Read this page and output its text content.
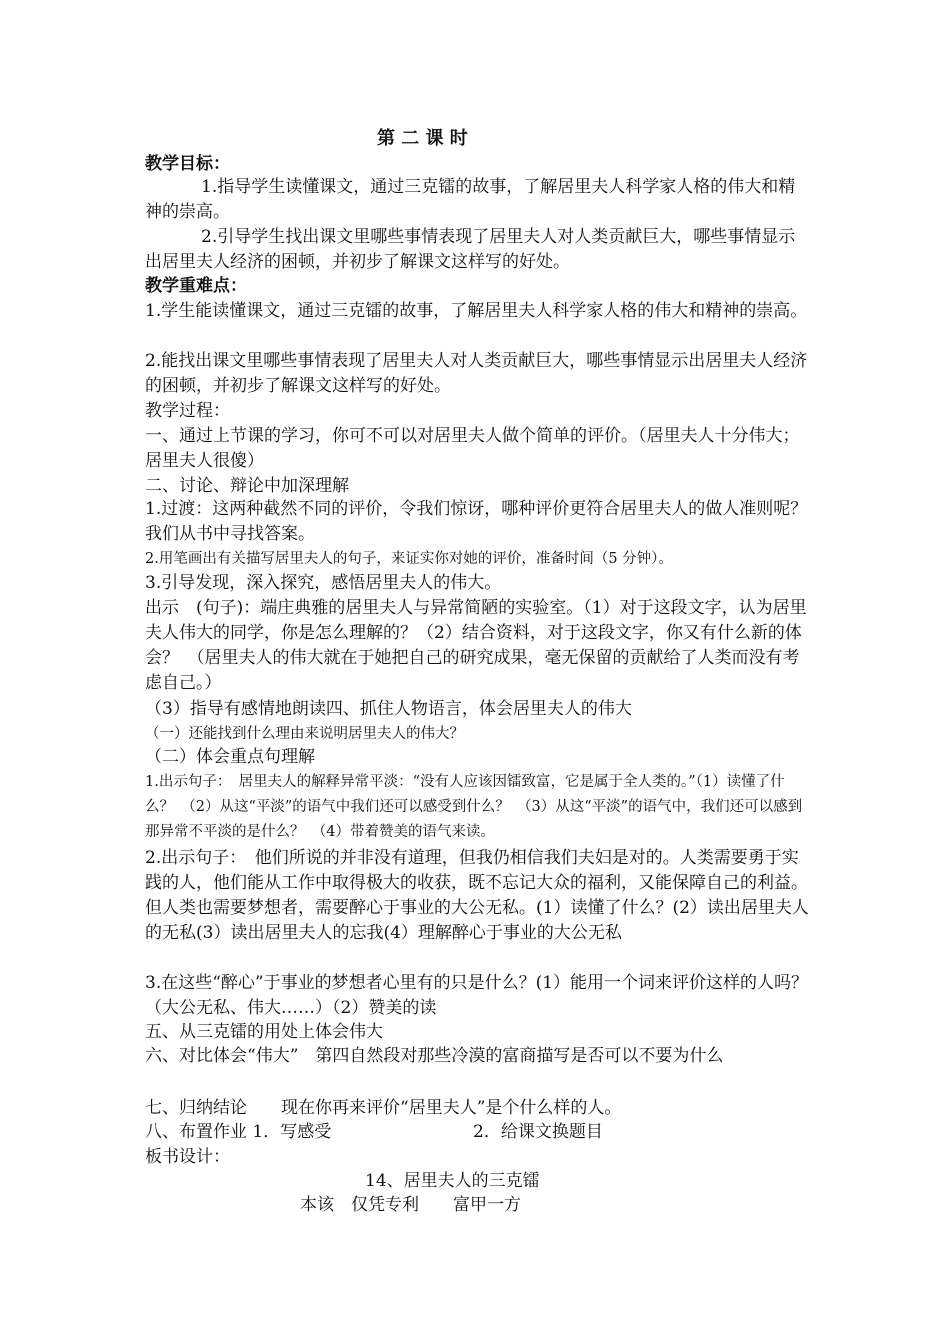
第 二 课 时
教学目标：
1.指导学生读懂课文，通过三克镭的故事，了解居里夫人科学家人格的伟大和精神的崇高。
2.引导学生找出课文里哪些事情表现了居里夫人对人类贡献巨大，哪些事情显示出居里夫人经济的困顿，并初步了解课文这样写的好处。
教学重难点：
1.学生能读懂课文，通过三克镭的故事，了解居里夫人科学家人格的伟大和精神的崇高。
2.能找出课文里哪些事情表现了居里夫人对人类贡献巨大，哪些事情显示出居里夫人经济的困顿，并初步了解课文这样写的好处。
教学过程：
一、通过上节课的学习，你可不可以对居里夫人做个简单的评价。（居里夫人十分伟大；居里夫人很傻）
二、讨论、辩论中加深理解
1.过渡：这两种截然不同的评价，令我们惊讶，哪种评价更符合居里夫人的做人准则呢？我们从书中寻找答案。
2.用笔画出有关描写居里夫人的句子，来证实你对她的评价，准备时间（5 分钟）。
3.引导发现，深入探究，感悟居里夫人的伟大。
出示　(句子)：端庄典雅的居里夫人与异常简陋的实验室。（1）对于这段文字，认为居里夫人伟大的同学，你是怎么理解的？（2）结合资料，对于这段文字，你又有什么新的体会？　（居里夫人的伟大就在于她把自己的研究成果，毫无保留的贡献给了人类而没有考虑自己。）
（3）指导有感情地朗读四、抓住人物语言，体会居里夫人的伟大
（一）还能找到什么理由来说明居里夫人的伟大？
（二）体会重点句理解
1.出示句子：　居里夫人的解释异常平淡：“没有人应该因镭致富，它是属于全人类的。”（1）读懂了什么？　（2）从这“平淡”的语气中我们还可以感受到什么？　（3）从这“平淡”的语气中，我们还可以感到那异常不平淡的是什么？　（4）带着赞美的语气来读。
2.出示句子：　他们所说的并非没有道理，但我仍相信我们夫妇是对的。人类需要勇于实践的人，他们能从工作中取得极大的收获，既不忘记大众的福利，又能保障自己的利益。但人类也需要梦想者，需要醉心于事业的大公无私。(1）读懂了什么？(2）读出居里夫人的无私(3）读出居里夫人的忘我(4）理解醉心于事业的大公无私
3.在这些“醉心”于事业的梦想者心里有的只是什么？(1）能用一个词来评价这样的人吗？（大公无私、伟大……）（2）赞美的读
五、从三克镭的用处上体会伟大
六、对比体会“伟大”　第四自然段对那些冷漠的富商描写是否可以不要为什么
七、归纳结论　　现在你再来评价“居里夫人”是个什么样的人。
八、布置作业 1．写感受	2．给课文换题目
板书设计：
14、居里夫人的三克镭
本该　仅凭专利　　富甲一方
